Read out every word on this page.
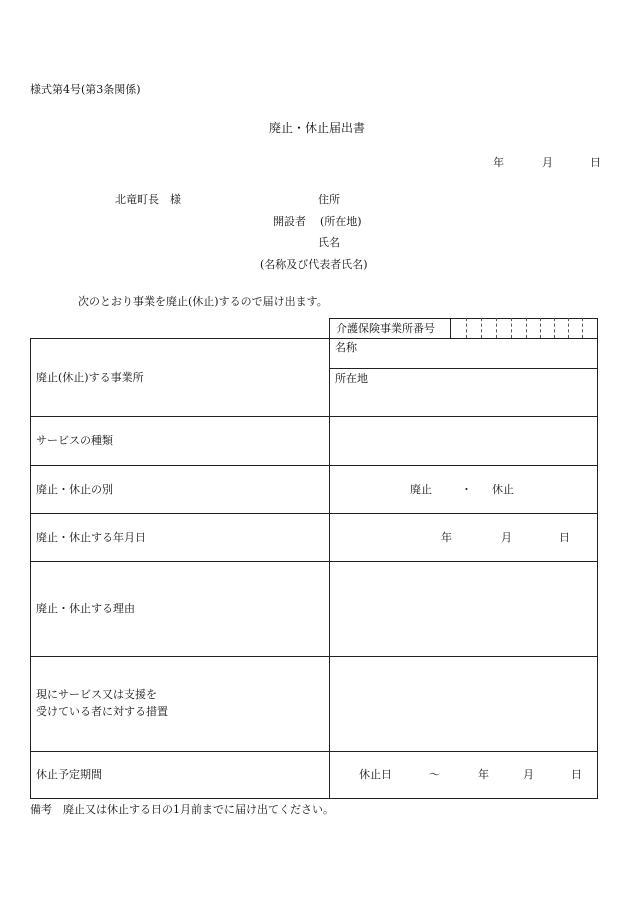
様式第4号(第3条関係)
廃止・休止届出書
年	月	日
北竜町長　様	住所
開設者 (所在地)
氏名
(名称及び代表者氏名)
次のとおり事業を廃止(休止)するので届け出ます。
介護保険事業所番号
廃止(休止)する事業所
名称
所在地
サービスの種類
廃止・休止の別	廃止	・ 休止
廃止・休止する年月日	年	月	日
廃止・休止する理由
現にサービス又は支援を
受けている者に対する措置
休止予定期間	休止日	～	年	月	日
備考　廃止又は休止する日の1月前までに届け出てください。
